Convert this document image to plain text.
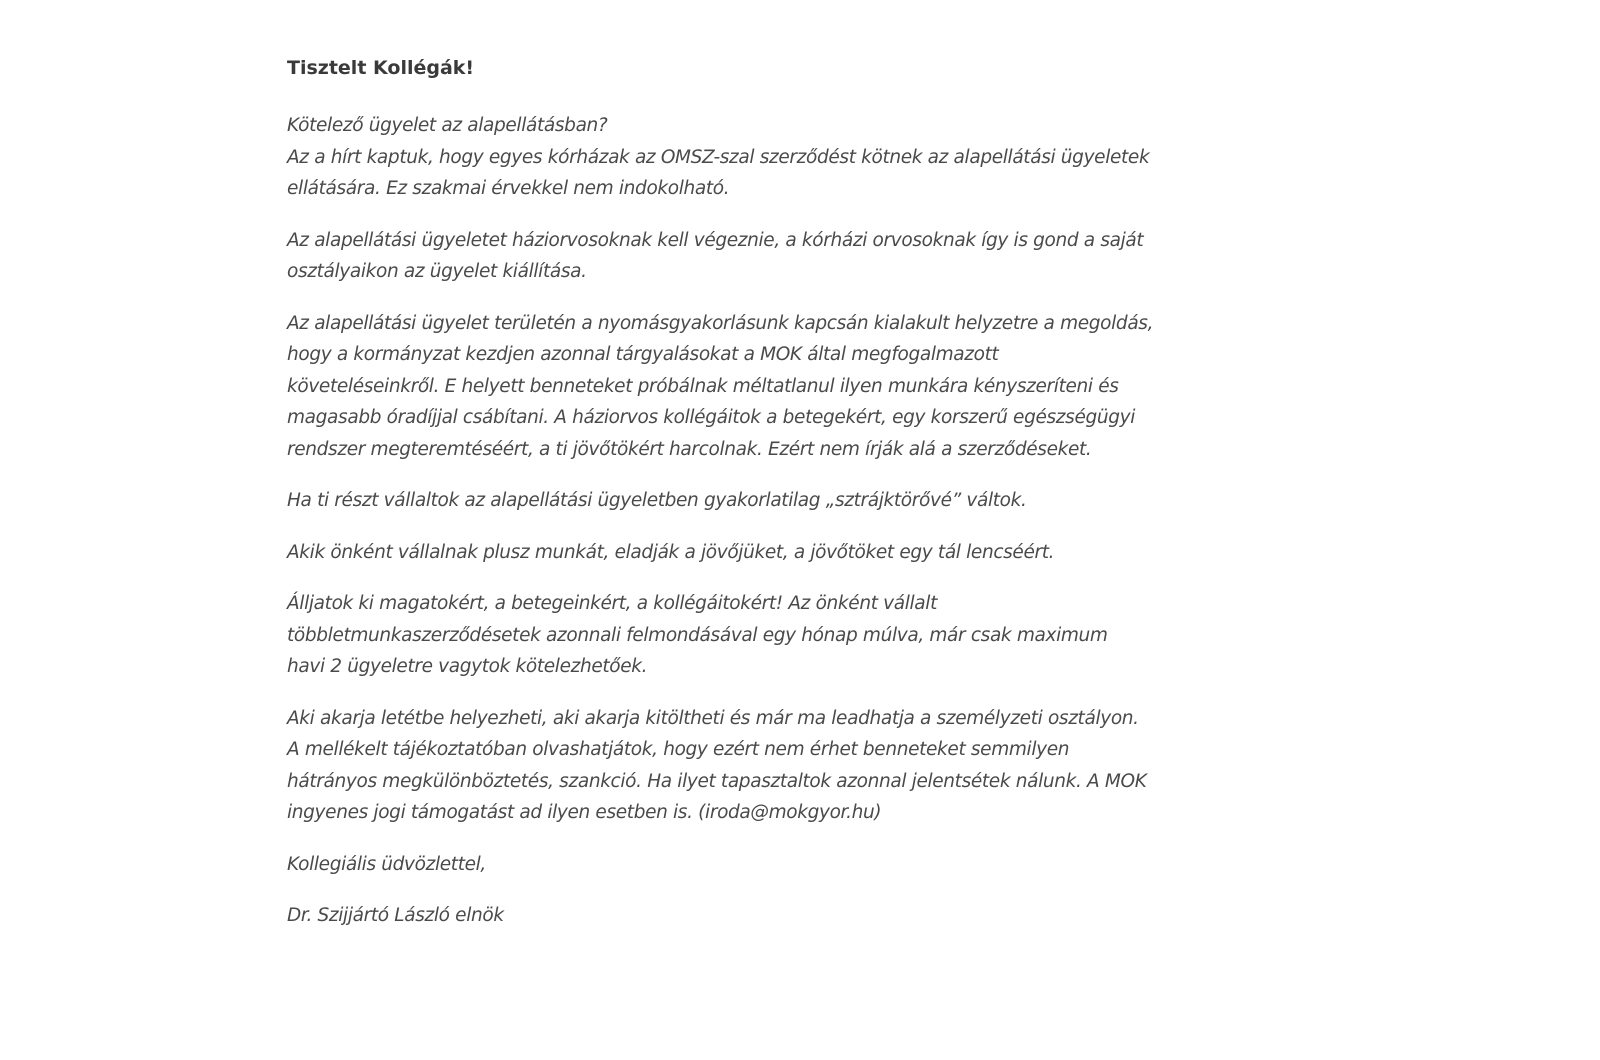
Tisztelt Kollégák!

Kötelező ügyelet az alapellátásban?
Az a hírt kaptuk, hogy egyes kórházak az OMSZ-szal szerződést kötnek az alapellátási ügyeletek
ellátására. Ez szakmai érvekkel nem indokolható.

Az alapellátási ügyeletet háziorvosoknak kell végeznie, a kórházi orvosoknak így is gond a saját
osztályaikon az ügyelet kiállítása.

Az alapellátási ügyelet területén a nyomásgyakorlásunk kapcsán kialakult helyzetre a megoldás,
hogy a kormányzat kezdjen azonnal tárgyalásokat a MOK által megfogalmazott
követeléseinkről. E helyett benneteket próbálnak méltatlanul ilyen munkára kényszeríteni és
magasabb óradíjjal csábítani. A háziorvos kollégáitok a betegekért, egy korszerű egészségügyi
rendszer megteremtéséért, a ti jövőtökért harcolnak. Ezért nem írják alá a szerződéseket.

Ha ti részt vállaltok az alapellátási ügyeletben gyakorlatilag „sztrájktörővé” váltok.

Akik önként vállalnak plusz munkát, eladják a jövőjüket, a jövőtöket egy tál lencséért.

Álljatok ki magatokért, a betegeinkért, a kollégáitokért! Az önként vállalt
többletmunkaszerződésetek azonnali felmondásával egy hónap múlva, már csak maximum
havi 2 ügyeletre vagytok kötelezhetőek.

Aki akarja letétbe helyezheti, aki akarja kitöltheti és már ma leadhatja a személyzeti osztályon.
A mellékelt tájékoztatóban olvashatjátok, hogy ezért nem érhet benneteket semmilyen
hátrányos megkülönböztetés, szankció. Ha ilyet tapasztaltok azonnal jelentsétek nálunk. A MOK
ingyenes jogi támogatást ad ilyen esetben is. (iroda@mokgyor.hu)

Kollegiális üdvözlettel,

Dr. Szijjártó László elnök
